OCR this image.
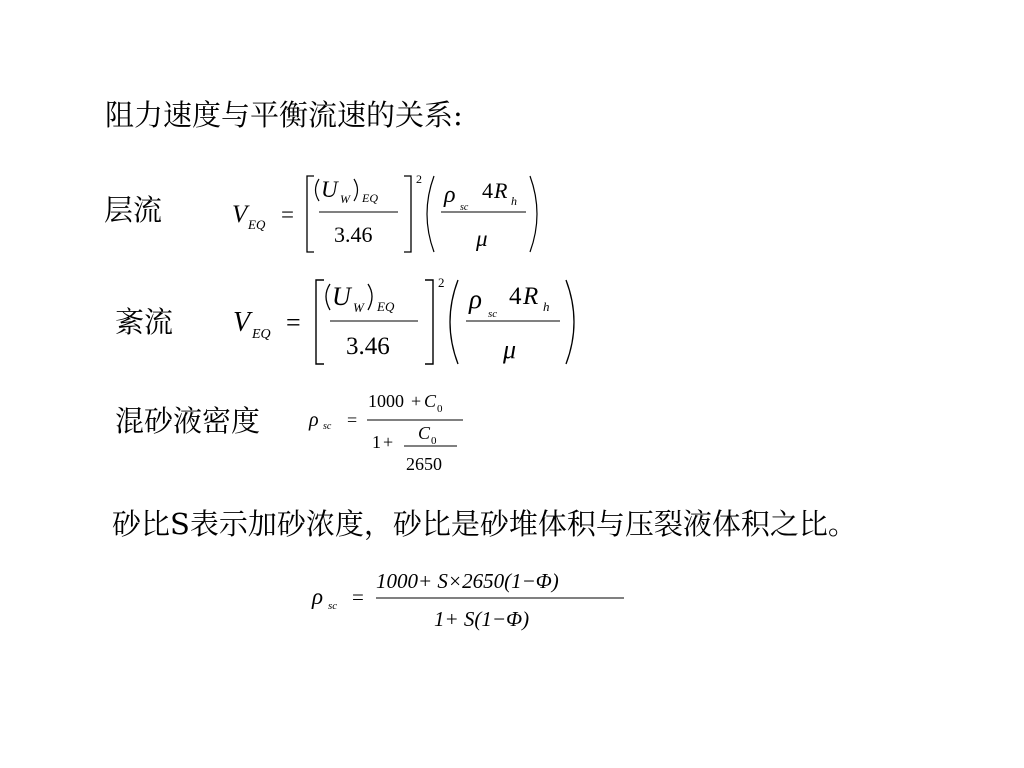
阻力速度与平衡流速的关系:
层流	V EQ =
U W EQ
3.46
2
ρ sc
4 R h
μ
紊流 V EQ =
U W EQ
3.46
2
ρ sc
4 R h
μ
混砂液密度 ρ sc =
1000 + C 0
1 + C 0
2650
砂比S表示加砂浓度，砂比是砂堆体积与压裂液体积之比。
ρ sc =
1000+ S×2650(1−Φ)
1+ S(1−Φ)
